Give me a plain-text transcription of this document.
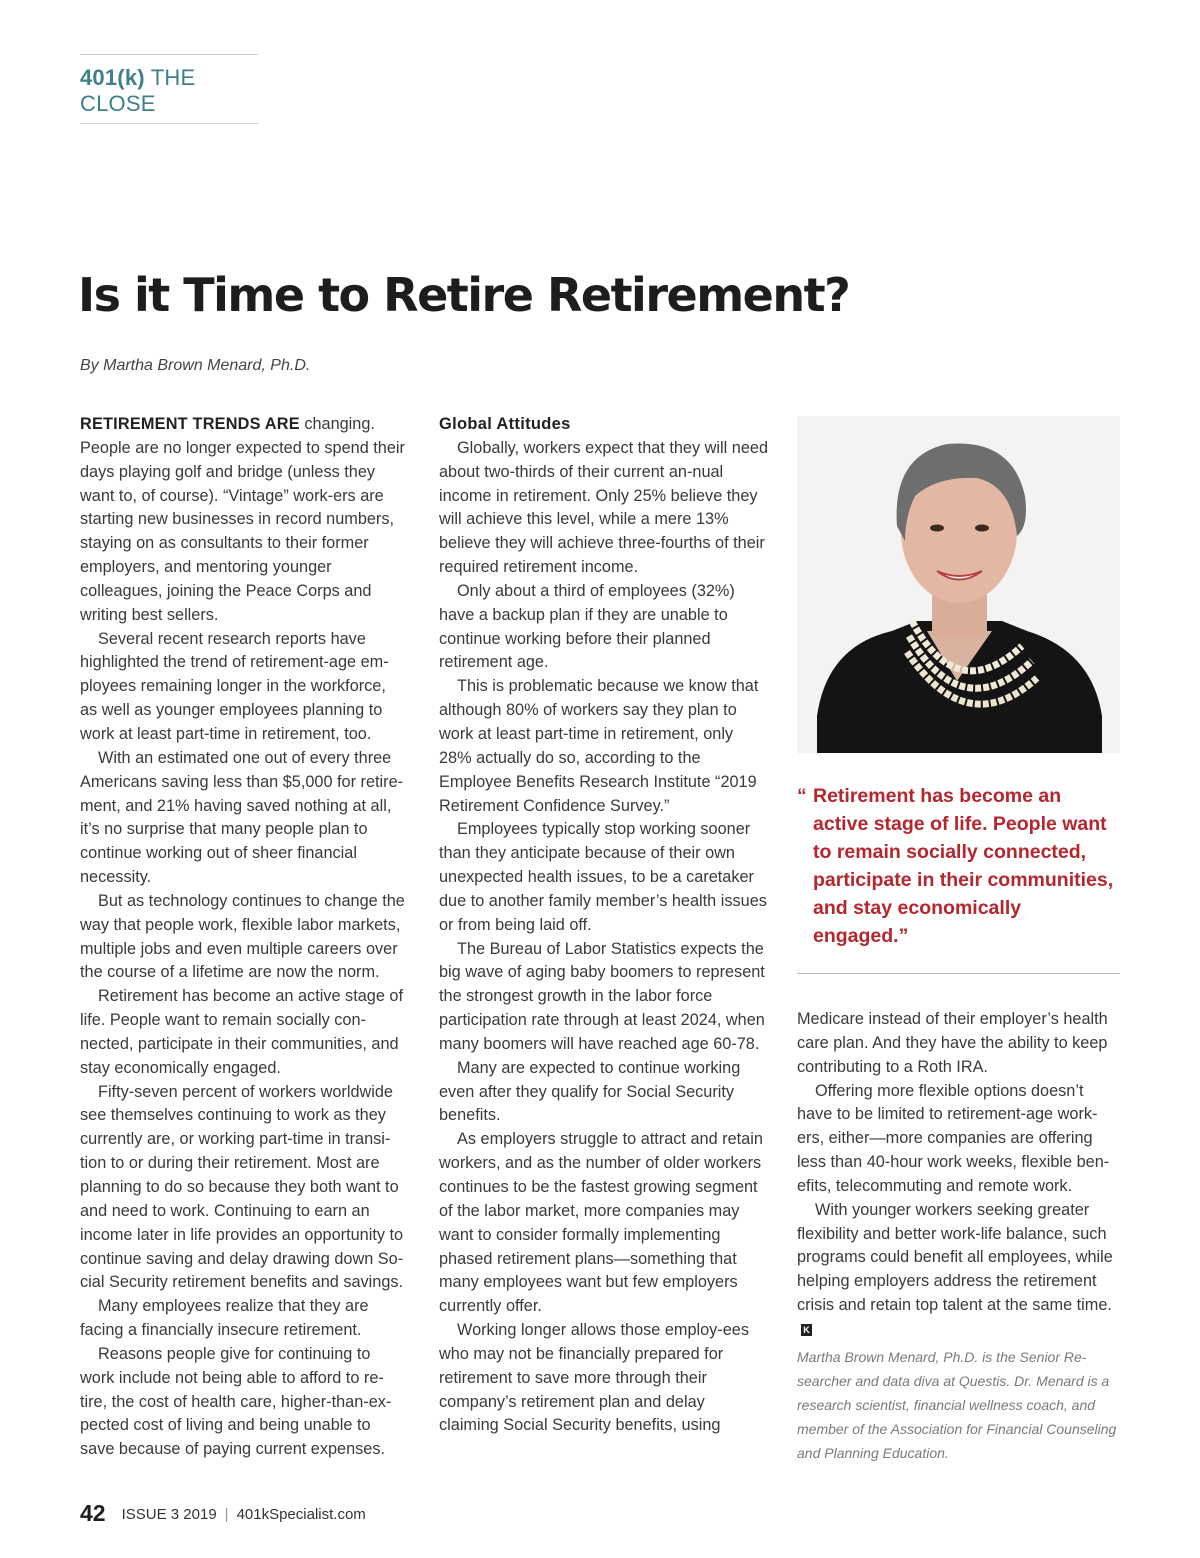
401(k) THE CLOSE
Is it Time to Retire Retirement?
By Martha Brown Menard, Ph.D.

RETIREMENT TRENDS ARE changing. People are no longer expected to spend their days playing golf and bridge (unless they want to, of course). “Vintage” work-ers are starting new businesses in record numbers, staying on as consultants to their former employers, and mentoring younger colleagues, joining the Peace Corps and writing best sellers.

Several recent research reports have highlighted the trend of retirement-age em-ployees remaining longer in the workforce, as well as younger employees planning to work at least part-time in retirement, too.

With an estimated one out of every three Americans saving less than $5,000 for retire-ment, and 21% having saved nothing at all, it’s no surprise that many people plan to continue working out of sheer financial necessity.

But as technology continues to change the way that people work, flexible labor markets, multiple jobs and even multiple careers over the course of a lifetime are now the norm.

Retirement has become an active stage of life. People want to remain socially con-nected, participate in their communities, and stay economically engaged.

Fifty-seven percent of workers worldwide see themselves continuing to work as they currently are, or working part-time in transi-tion to or during their retirement. Most are planning to do so because they both want to and need to work. Continuing to earn an income later in life provides an opportunity to continue saving and delay drawing down So-cial Security retirement benefits and savings.

Many employees realize that they are facing a financially insecure retirement.

Reasons people give for continuing to work include not being able to afford to re-tire, the cost of health care, higher-than-ex-pected cost of living and being unable to save because of paying current expenses.

Global Attitudes

Globally, workers expect that they will need about two-thirds of their current an-nual income in retirement. Only 25% believe they will achieve this level, while a mere 13% believe they will achieve three-fourths of their required retirement income.

Only about a third of employees (32%) have a backup plan if they are unable to continue working before their planned retirement age.

This is problematic because we know that although 80% of workers say they plan to work at least part-time in retirement, only 28% actually do so, according to the Employee Benefits Research Institute “2019 Retirement Confidence Survey.”

Employees typically stop working sooner than they anticipate because of their own unexpected health issues, to be a caretaker due to another family member’s health issues or from being laid off.

The Bureau of Labor Statistics expects the big wave of aging baby boomers to represent the strongest growth in the labor force participation rate through at least 2024, when many boomers will have reached age 60-78.

Many are expected to continue working even after they qualify for Social Security benefits.

As employers struggle to attract and retain workers, and as the number of older workers continues to be the fastest growing segment of the labor market, more companies may want to consider formally implementing phased retirement plans—something that many employees want but few employers currently offer.

Working longer allows those employ-ees who may not be financially prepared for retirement to save more through their company’s retirement plan and delay claiming Social Security benefits, using

“ Retirement has become an active stage of life. People want to remain socially connected, participate in their communities, and stay economically engaged.”

Medicare instead of their employer’s health care plan. And they have the ability to keep contributing to a Roth IRA.

Offering more flexible options doesn’t have to be limited to retirement-age work-ers, either—more companies are offering less than 40-hour work weeks, flexible ben-efits, telecommuting and remote work.

With younger workers seeking greater flexibility and better work-life balance, such programs could benefit all employees, while helping employers address the retirement crisis and retain top talent at the same time.K

Martha Brown Menard, Ph.D. is the Senior Re-searcher and data diva at Questis. Dr. Menard is a research scientist, financial wellness coach, and member of the Association for Financial Counseling and Planning Education.
42 ISSUE 3 2019 | 401kSpecialist.com
